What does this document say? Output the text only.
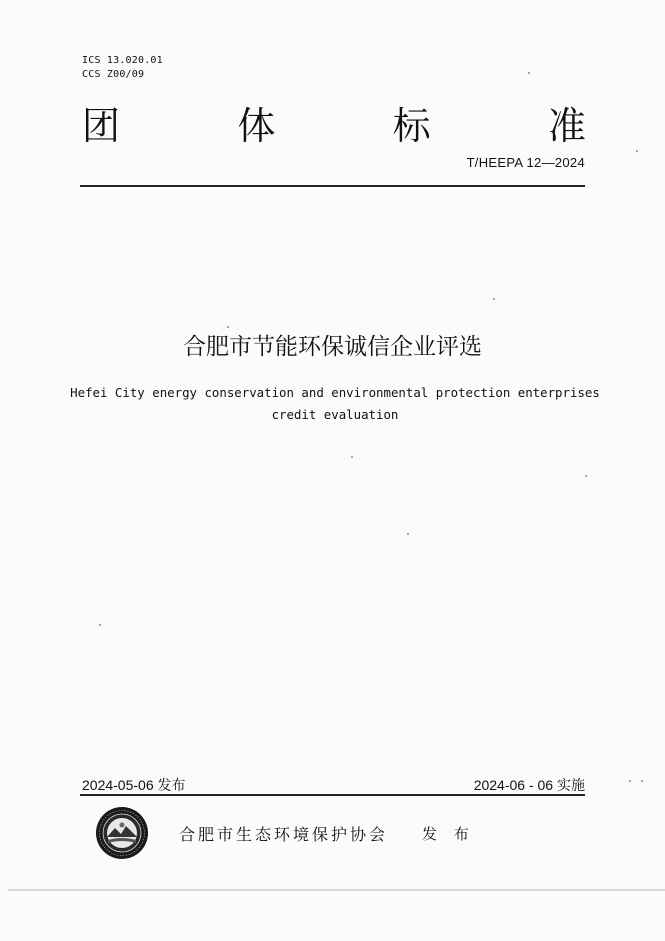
ICS 13.020.01
CCS Z00/09
团	体	标	准
T/HEEPA 12—2024
合肥市节能环保诚信企业评选
Hefei City energy conservation and environmental protection enterprises
credit evaluation
2024-05-06 发布	2024-06 - 06 实施
合肥市生态环境保护协会 发 布
